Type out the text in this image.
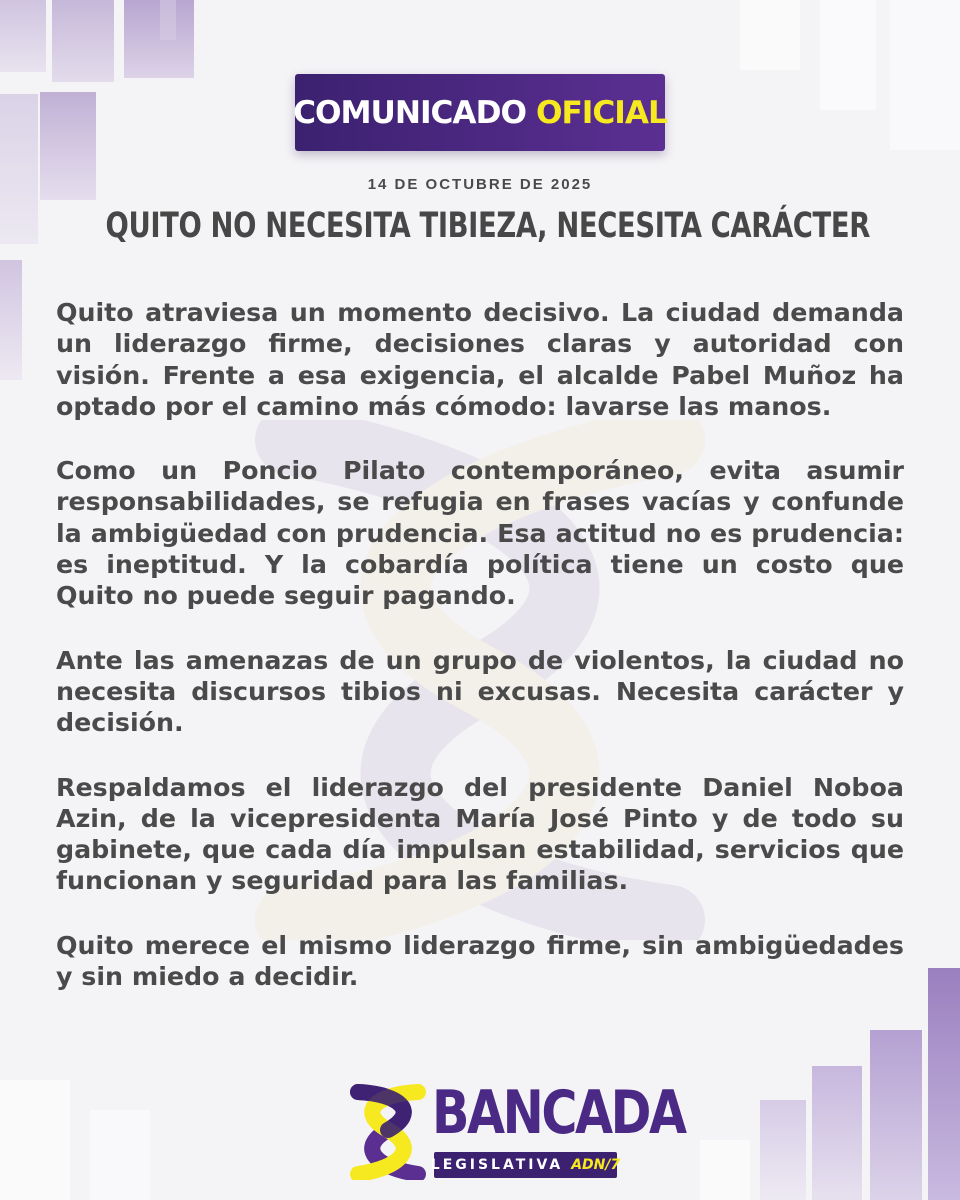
COMUNICADO OFICIAL
14 DE OCTUBRE DE 2025
QUITO NO NECESITA TIBIEZA, NECESITA CARÁCTER

Quito atraviesa un momento decisivo. La ciudad demanda un liderazgo firme, decisiones claras y autoridad con visión. Frente a esa exigencia, el alcalde Pabel Muñoz ha optado por el camino más cómodo: lavarse las manos.

Como un Poncio Pilato contemporáneo, evita asumir responsabilidades, se refugia en frases vacías y confunde la ambigüedad con prudencia. Esa actitud no es prudencia: es ineptitud. Y la cobardía política tiene un costo que Quito no puede seguir pagando.

Ante las amenazas de un grupo de violentos, la ciudad no necesita discursos tibios ni excusas. Necesita carácter y decisión.

Respaldamos el liderazgo del presidente Daniel Noboa Azin, de la vicepresidenta María José Pinto y de todo su gabinete, que cada día impulsan estabilidad, servicios que funcionan y seguridad para las familias.

Quito merece el mismo liderazgo firme, sin ambigüedades y sin miedo a decidir.

BANCADA
LEGISLATIVA ADN/7
